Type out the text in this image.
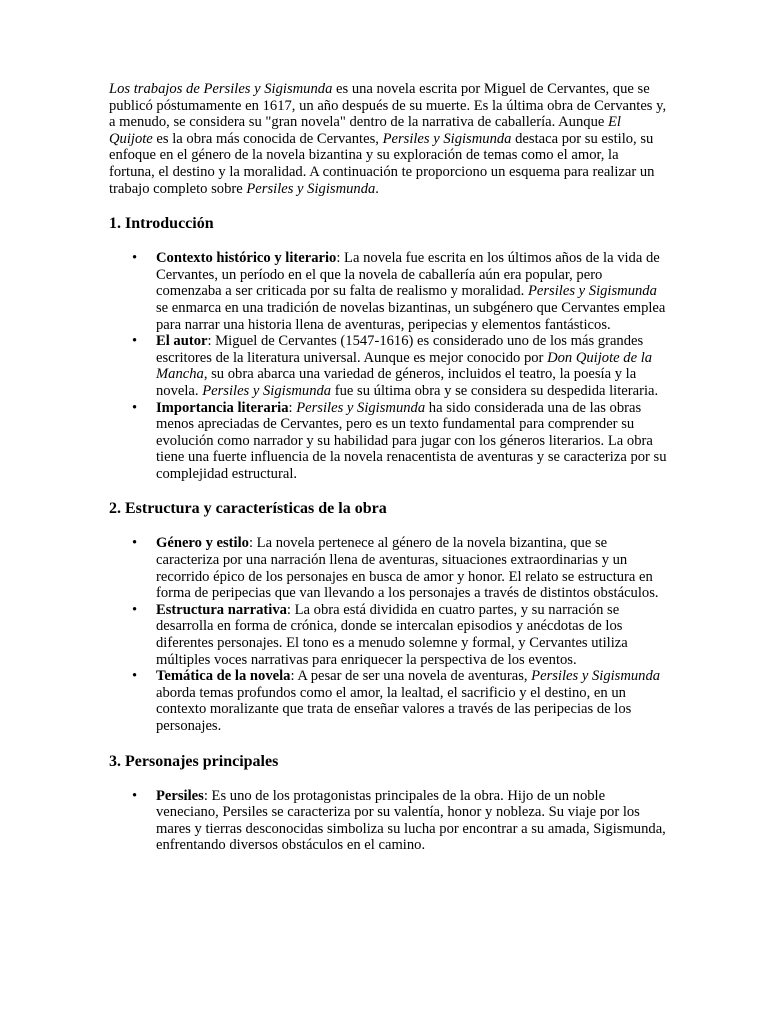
Los trabajos de Persiles y Sigismunda es una novela escrita por Miguel de Cervantes, que se publicó póstumamente en 1617, un año después de su muerte. Es la última obra de Cervantes y, a menudo, se considera su "gran novela" dentro de la narrativa de caballería. Aunque El Quijote es la obra más conocida de Cervantes, Persiles y Sigismunda destaca por su estilo, su enfoque en el género de la novela bizantina y su exploración de temas como el amor, la fortuna, el destino y la moralidad. A continuación te proporciono un esquema para realizar un trabajo completo sobre Persiles y Sigismunda.

1. Introducción
• Contexto histórico y literario: La novela fue escrita en los últimos años de la vida de Cervantes, un período en el que la novela de caballería aún era popular, pero comenzaba a ser criticada por su falta de realismo y moralidad. Persiles y Sigismunda se enmarca en una tradición de novelas bizantinas, un subgénero que Cervantes emplea para narrar una historia llena de aventuras, peripecias y elementos fantásticos.
• El autor: Miguel de Cervantes (1547-1616) es considerado uno de los más grandes escritores de la literatura universal. Aunque es mejor conocido por Don Quijote de la Mancha, su obra abarca una variedad de géneros, incluidos el teatro, la poesía y la novela. Persiles y Sigismunda fue su última obra y se considera su despedida literaria.
• Importancia literaria: Persiles y Sigismunda ha sido considerada una de las obras menos apreciadas de Cervantes, pero es un texto fundamental para comprender su evolución como narrador y su habilidad para jugar con los géneros literarios. La obra tiene una fuerte influencia de la novela renacentista de aventuras y se caracteriza por su complejidad estructural.
2. Estructura y características de la obra
• Género y estilo: La novela pertenece al género de la novela bizantina, que se caracteriza por una narración llena de aventuras, situaciones extraordinarias y un recorrido épico de los personajes en busca de amor y honor. El relato se estructura en forma de peripecias que van llevando a los personajes a través de distintos obstáculos.
• Estructura narrativa: La obra está dividida en cuatro partes, y su narración se desarrolla en forma de crónica, donde se intercalan episodios y anécdotas de los diferentes personajes. El tono es a menudo solemne y formal, y Cervantes utiliza múltiples voces narrativas para enriquecer la perspectiva de los eventos.
• Temática de la novela: A pesar de ser una novela de aventuras, Persiles y Sigismunda aborda temas profundos como el amor, la lealtad, el sacrificio y el destino, en un contexto moralizante que trata de enseñar valores a través de las peripecias de los personajes.
3. Personajes principales
• Persiles: Es uno de los protagonistas principales de la obra. Hijo de un noble veneciano, Persiles se caracteriza por su valentía, honor y nobleza. Su viaje por los mares y tierras desconocidas simboliza su lucha por encontrar a su amada, Sigismunda, enfrentando diversos obstáculos en el camino.
